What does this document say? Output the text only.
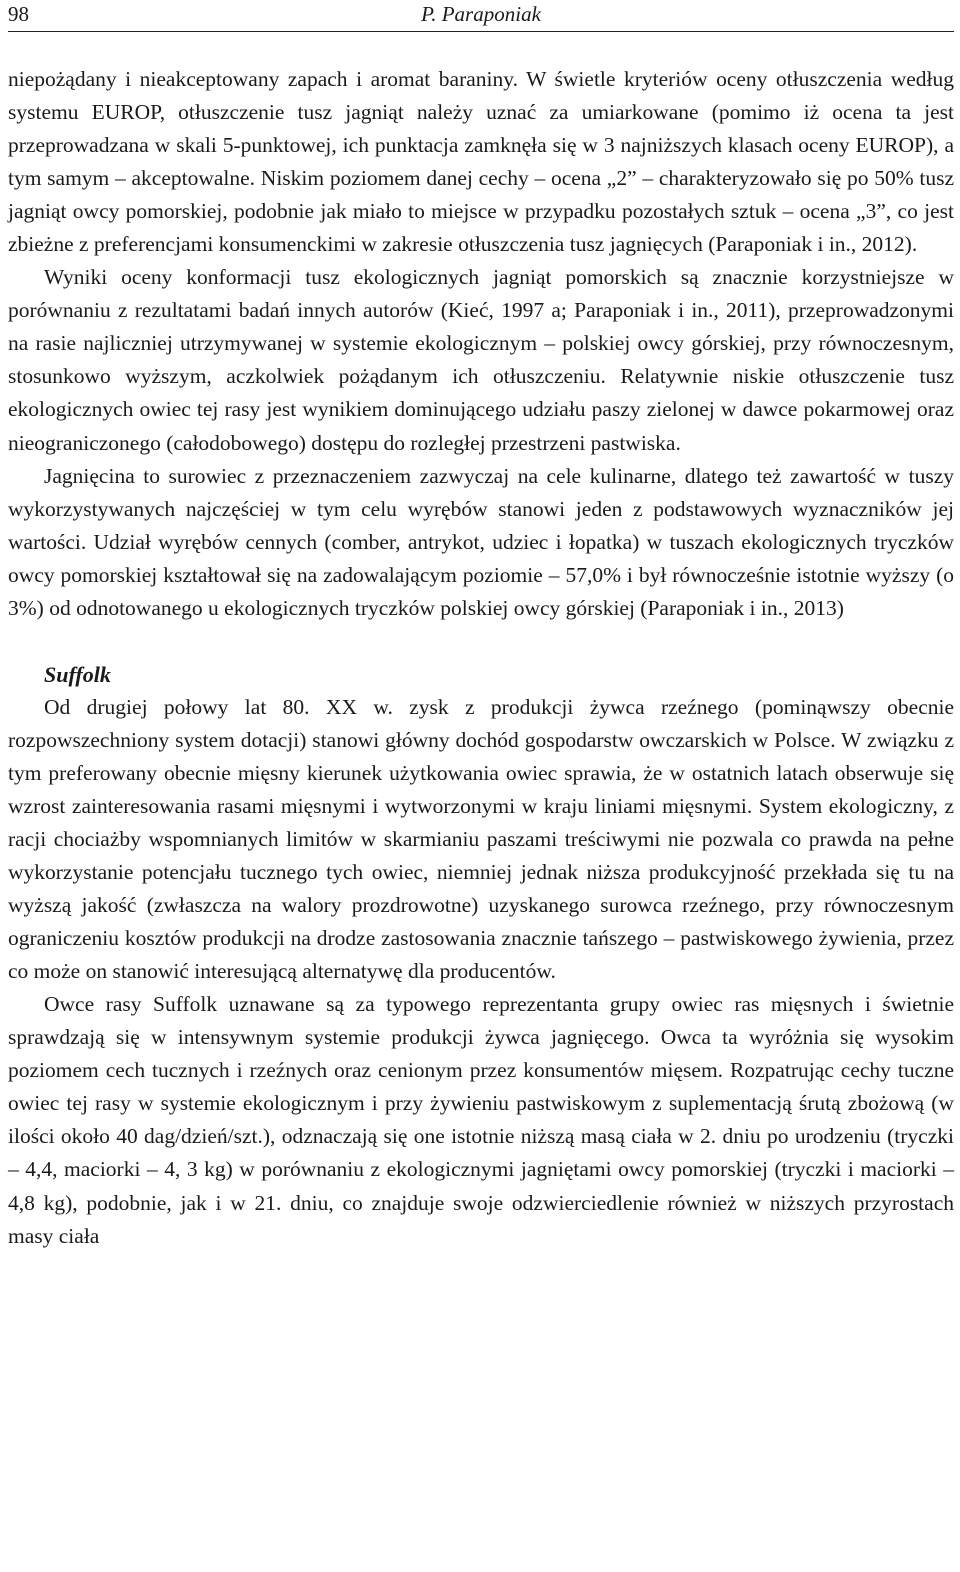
98	P. Paraponiak

niepożądany i nieakceptowany zapach i aromat baraniny. W świetle kryteriów oceny otłuszczenia według systemu EUROP, otłuszczenie tusz jagniąt należy uznać za umiarkowane (pomimo iż ocena ta jest przeprowadzana w skali 5-punktowej, ich punktacja zamknęła się w 3 najniższych klasach oceny EUROP), a tym samym – akceptowalne. Niskim poziomem danej cechy – ocena „2” – charakteryzowało się po 50% tusz jagniąt owcy pomorskiej, podobnie jak miało to miejsce w przypadku pozostałych sztuk – ocena „3”, co jest zbieżne z preferencjami konsumenckimi w zakresie otłuszczenia tusz jagnięcych (Paraponiak i in., 2012).

Wyniki oceny konformacji tusz ekologicznych jagniąt pomorskich są znacznie korzystniejsze w porównaniu z rezultatami badań innych autorów (Kieć, 1997 a; Paraponiak i in., 2011), przeprowadzonymi na rasie najliczniej utrzymywanej w systemie ekologicznym – polskiej owcy górskiej, przy równoczesnym, stosunkowo wyższym, aczkolwiek pożądanym ich otłuszczeniu. Relatywnie niskie otłuszczenie tusz ekologicznych owiec tej rasy jest wynikiem dominującego udziału paszy zielonej w dawce pokarmowej oraz nieograniczonego (całodobowego) dostępu do rozległej przestrzeni pastwiska.

Jagnięcina to surowiec z przeznaczeniem zazwyczaj na cele kulinarne, dlatego też zawartość w tuszy wykorzystywanych najczęściej w tym celu wyrębów stanowi jeden z podstawowych wyznaczników jej wartości. Udział wyrębów cennych (comber, antrykot, udziec i łopatka) w tuszach ekologicznych tryczków owcy pomorskiej kształtował się na zadowalającym poziomie – 57,0% i był równocześnie istotnie wyższy (o 3%) od odnotowanego u ekologicznych tryczków polskiej owcy górskiej (Paraponiak i in., 2013)

Suffolk

Od drugiej połowy lat 80. XX w. zysk z produkcji żywca rzeźnego (pominąwszy obecnie rozpowszechniony system dotacji) stanowi główny dochód gospodarstw owczarskich w Polsce. W związku z tym preferowany obecnie mięsny kierunek użytkowania owiec sprawia, że w ostatnich latach obserwuje się wzrost zainteresowania rasami mięsnymi i wytworzonymi w kraju liniami mięsnymi. System ekologiczny, z racji chociażby wspomnianych limitów w skarmianiu paszami treściwymi nie pozwala co prawda na pełne wykorzystanie potencjału tucznego tych owiec, niemniej jednak niższa produkcyjność przekłada się tu na wyższą jakość (zwłaszcza na walory prozdrowotne) uzyskanego surowca rzeźnego, przy równoczesnym ograniczeniu kosztów produkcji na drodze zastosowania znacznie tańszego – pastwiskowego żywienia, przez co może on stanowić interesującą alternatywę dla producentów.

Owce rasy Suffolk uznawane są za typowego reprezentanta grupy owiec ras mięsnych i świetnie sprawdzają się w intensywnym systemie produkcji żywca jagnięcego. Owca ta wyróżnia się wysokim poziomem cech tucznych i rzeźnych oraz cenionym przez konsumentów mięsem. Rozpatrując cechy tuczne owiec tej rasy w systemie ekologicznym i przy żywieniu pastwiskowym z suplementacją śrutą zbożową (w ilości około 40 dag/dzień/szt.), odznaczają się one istotnie niższą masą ciała w 2. dniu po urodzeniu (tryczki – 4,4, maciorki – 4, 3 kg) w porównaniu z ekologicznymi jagniętami owcy pomorskiej (tryczki i maciorki – 4,8 kg), podobnie, jak i w 21. dniu, co znajduje swoje odzwierciedlenie również w niższych przyrostach masy ciała
